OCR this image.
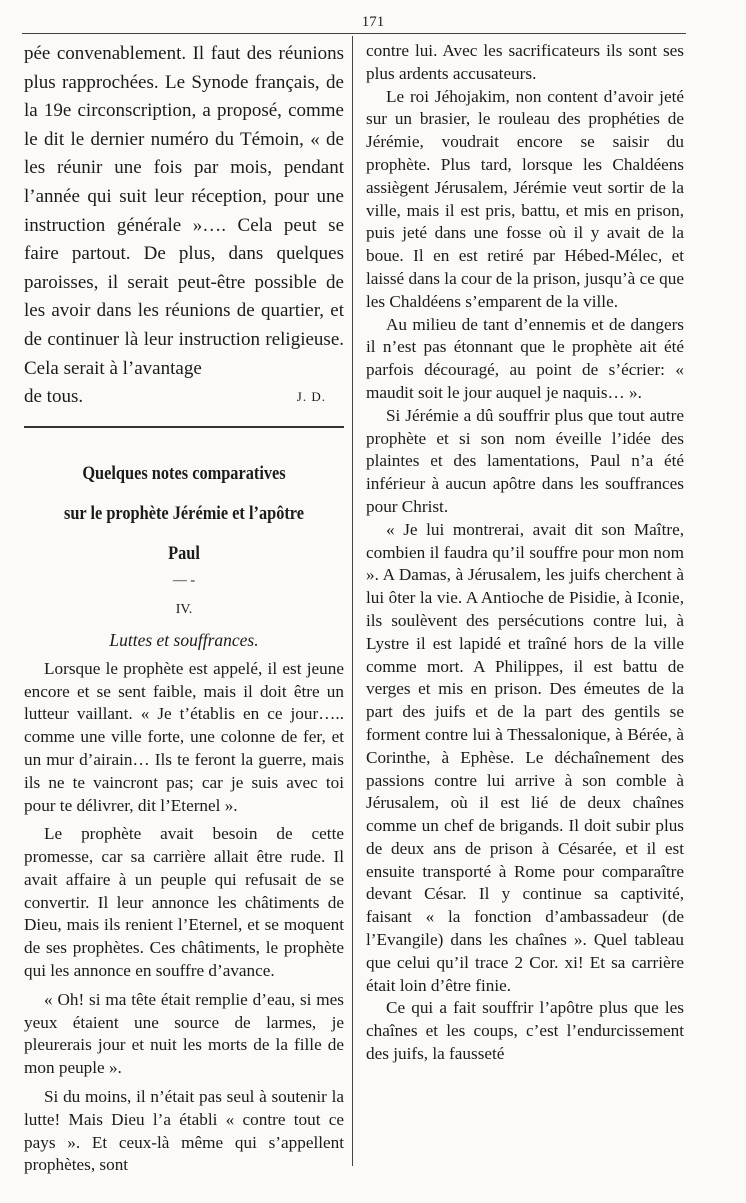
171

pée convenablement. Il faut des réunions plus rapprochées. Le Synode français, de la 19e circonscription, a proposé, comme le dit le dernier numéro du Témoin, « de les réunir une fois par mois, pendant l’année qui suit leur réception, pour une instruction générale »…. Cela peut se faire partout. De plus, dans quelques paroisses, il serait peut-être possible de les avoir dans les réunions de quartier, et de continuer là leur instruction religieuse. Cela serait à l’avantage

de tous.	J. D.

Quelques notes comparatives
sur le prophète Jérémie et l’apôtre Paul
— -
IV.
Luttes et souffrances.

Lorsque le prophète est appelé, il est jeune encore et se sent faible, mais il doit être un lutteur vaillant. « Je t’établis en ce jour….. comme une ville forte, une colonne de fer, et un mur d’airain… Ils te feront la guerre, mais ils ne te vaincront pas; car je suis avec toi pour te délivrer, dit l’Eternel ».

Le prophète avait besoin de cette promesse, car sa carrière allait être rude. Il avait affaire à un peuple qui refusait de se convertir. Il leur annonce les châtiments de Dieu, mais ils renient l’Eternel, et se moquent de ses prophètes. Ces châtiments, le prophète qui les annonce en souffre d’avance.

« Oh! si ma tête était remplie d’eau, si mes yeux étaient une source de larmes, je pleurerais jour et nuit les morts de la fille de mon peuple ».

Si du moins, il n’était pas seul à soutenir la lutte! Mais Dieu l’a établi « contre tout ce pays ». Et ceux-là même qui s’appellent prophètes, sont

contre lui. Avec les sacrificateurs ils sont ses plus ardents accusateurs.

Le roi Jéhojakim, non content d’avoir jeté sur un brasier, le rouleau des prophéties de Jérémie, voudrait encore se saisir du prophète. Plus tard, lorsque les Chaldéens assiègent Jérusalem, Jérémie veut sortir de la ville, mais il est pris, battu, et mis en prison, puis jeté dans une fosse où il y avait de la boue. Il en est retiré par Hébed-Mélec, et laissé dans la cour de la prison, jusqu’à ce que les Chaldéens s’emparent de la ville.

Au milieu de tant d’ennemis et de dangers il n’est pas étonnant que le prophète ait été parfois découragé, au point de s’écrier: « maudit soit le jour auquel je naquis… ».

Si Jérémie a dû souffrir plus que tout autre prophète et si son nom éveille l’idée des plaintes et des lamentations, Paul n’a été inférieur à aucun apôtre dans les souffrances pour Christ.

« Je lui montrerai, avait dit son Maître, combien il faudra qu’il souffre pour mon nom ». A Damas, à Jérusalem, les juifs cherchent à lui ôter la vie. A Antioche de Pisidie, à Iconie, ils soulèvent des persécutions contre lui, à Lystre il est lapidé et traîné hors de la ville comme mort. A Philippes, il est battu de verges et mis en prison. Des émeutes de la part des juifs et de la part des gentils se forment contre lui à Thessalonique, à Bérée, à Corinthe, à Ephèse. Le déchaînement des passions contre lui arrive à son comble à Jérusalem, où il est lié de deux chaînes comme un chef de brigands. Il doit subir plus de deux ans de prison à Césarée, et il est ensuite transporté à Rome pour comparaître devant César. Il y continue sa captivité, faisant « la fonction d’ambassadeur (de l’Evangile) dans les chaînes ». Quel tableau que celui qu’il trace 2 Cor. xi! Et sa carrière était loin d’être finie.

Ce qui a fait souffrir l’apôtre plus que les chaînes et les coups, c’est l’endurcissement des juifs, la fausseté
